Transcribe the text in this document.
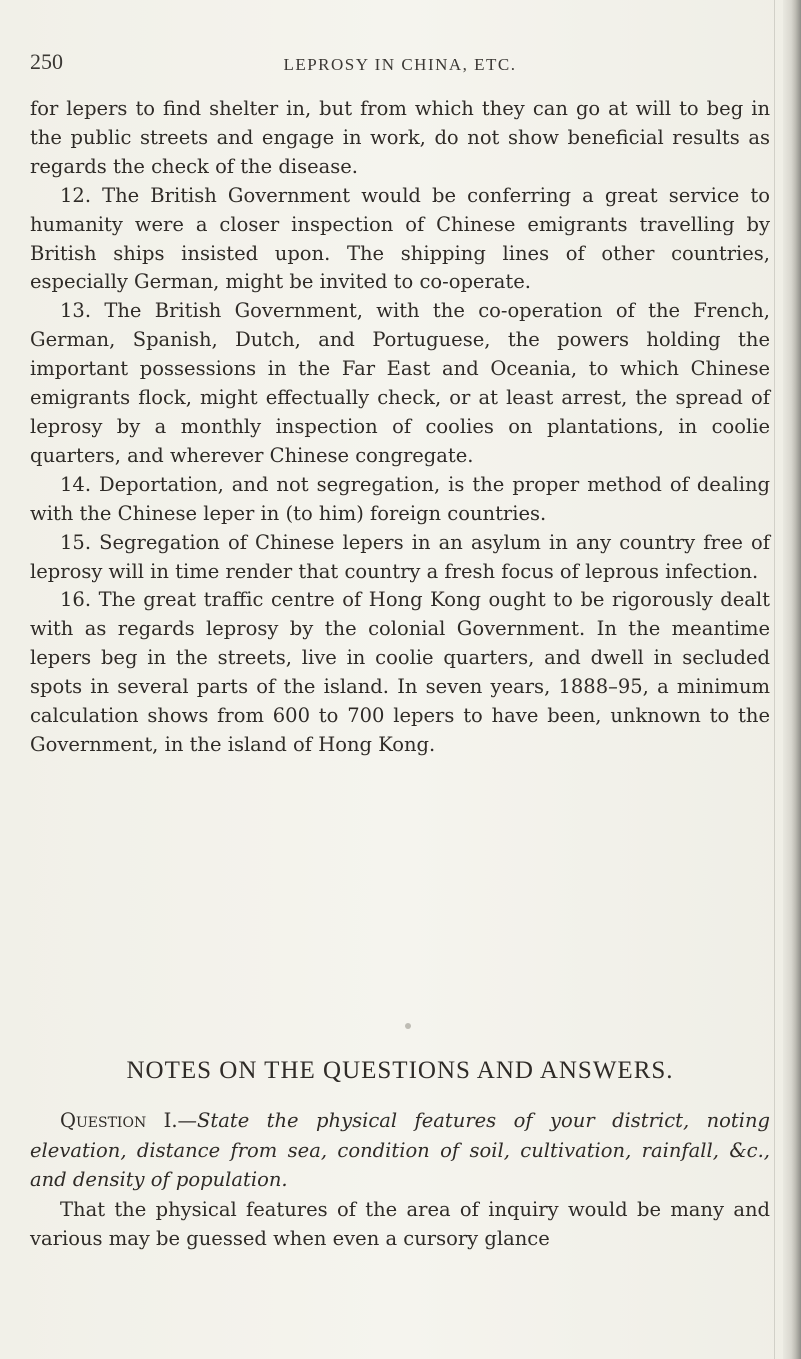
250	LEPROSY IN CHINA, ETC.

for lepers to find shelter in, but from which they can go at will to beg in the public streets and engage in work, do not show beneficial results as regards the check of the disease.

12. The British Government would be conferring a great service to humanity were a closer inspection of Chinese emigrants travelling by British ships insisted upon. The shipping lines of other countries, especially German, might be invited to co-operate.

13. The British Government, with the co-operation of the French, German, Spanish, Dutch, and Portuguese, the powers holding the important possessions in the Far East and Oceania, to which Chinese emigrants flock, might effectually check, or at least arrest, the spread of leprosy by a monthly inspection of coolies on plantations, in coolie quarters, and wherever Chinese congregate.

14. Deportation, and not segregation, is the proper method of dealing with the Chinese leper in (to him) foreign countries.

15. Segregation of Chinese lepers in an asylum in any country free of leprosy will in time render that country a fresh focus of leprous infection.

16. The great traffic centre of Hong Kong ought to be rigorously dealt with as regards leprosy by the colonial Government. In the meantime lepers beg in the streets, live in coolie quarters, and dwell in secluded spots in several parts of the island. In seven years, 1888–95, a minimum calculation shows from 600 to 700 lepers to have been, unknown to the Government, in the island of Hong Kong.

NOTES ON THE QUESTIONS AND ANSWERS.

Question I.—State the physical features of your district, noting elevation, distance from sea, condition of soil, cultivation, rainfall, &c., and density of population.

That the physical features of the area of inquiry would be many and various may be guessed when even a cursory glance
